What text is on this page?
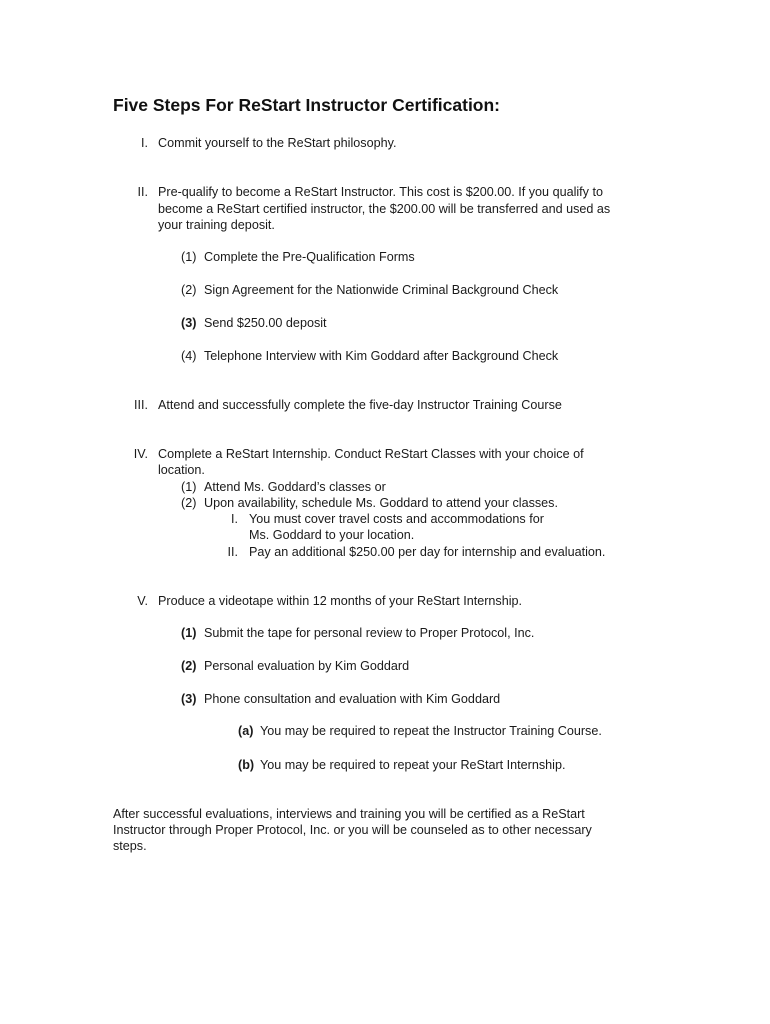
Five Steps For ReStart Instructor Certification:
I. Commit yourself to the ReStart philosophy.
II. Pre-qualify to become a ReStart Instructor. This cost is $200.00. If you qualify to
become a ReStart certified instructor, the $200.00 will be transferred and used as
your training deposit.
(1) Complete the Pre-Qualification Forms
(2) Sign Agreement for the Nationwide Criminal Background Check
(3) Send $250.00 deposit
(4) Telephone Interview with Kim Goddard after Background Check
III. Attend and successfully complete the five-day Instructor Training Course
IV. Complete a ReStart Internship. Conduct ReStart Classes with your choice of
location.
(1) Attend Ms. Goddard’s classes or
(2) Upon availability, schedule Ms. Goddard to attend your classes.
I. You must cover travel costs and accommodations for
Ms. Goddard to your location.
II. Pay an additional $250.00 per day for internship and evaluation.
V. Produce a videotape within 12 months of your ReStart Internship.
(1) Submit the tape for personal review to Proper Protocol, Inc.
(2) Personal evaluation by Kim Goddard
(3) Phone consultation and evaluation with Kim Goddard
(a) You may be required to repeat the Instructor Training Course.
(b) You may be required to repeat your ReStart Internship.
After successful evaluations, interviews and training you will be certified as a ReStart
Instructor through Proper Protocol, Inc. or you will be counseled as to other necessary
steps.
